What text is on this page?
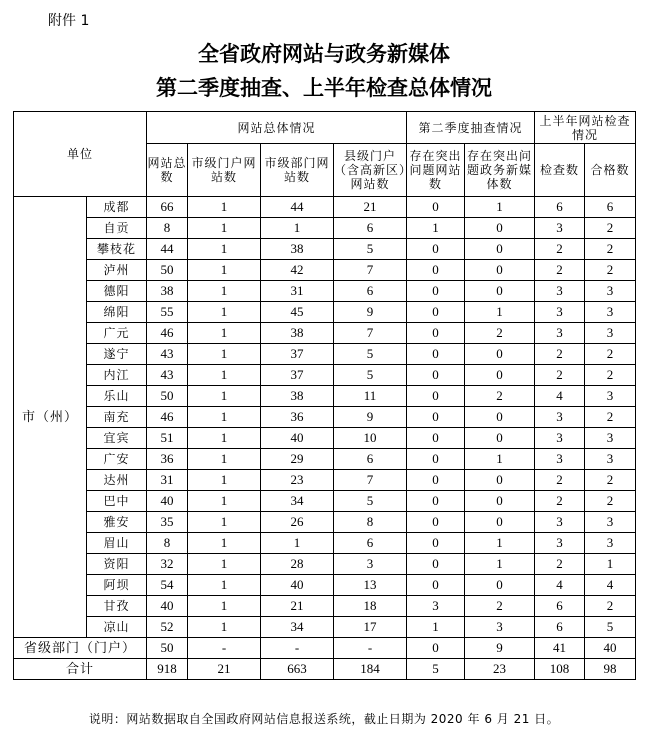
附件 1
全省政府网站与政务新媒体
第二季度抽查、上半年检查总体情况
单位		网站总体情况				第二季度抽查情况		上半年网站检查情况	
		网站总数	市级门户网站数	市级部门网站数	县级门户（含高新区）网站数	存在突出问题网站数	存在突出问题政务新媒体数	检查数	合格数
市（州）	成都	66	1	44	21	0	1	6	6
	自贡	8	1	1	6	1	0	3	2
	攀枝花	44	1	38	5	0	0	2	2
	泸州	50	1	42	7	0	0	2	2
	德阳	38	1	31	6	0	0	3	3
	绵阳	55	1	45	9	0	1	3	3
	广元	46	1	38	7	0	2	3	3
	遂宁	43	1	37	5	0	0	2	2
	内江	43	1	37	5	0	0	2	2
	乐山	50	1	38	11	0	2	4	3
	南充	46	1	36	9	0	0	3	2
	宜宾	51	1	40	10	0	0	3	3
	广安	36	1	29	6	0	1	3	3
	达州	31	1	23	7	0	0	2	2
	巴中	40	1	34	5	0	0	2	2
	雅安	35	1	26	8	0	0	3	3
	眉山	8	1	1	6	0	1	3	3
	资阳	32	1	28	3	0	1	2	1
	阿坝	54	1	40	13	0	0	4	4
	甘孜	40	1	21	18	3	2	6	2
	凉山	52	1	34	17	1	3	6	5
省级部门（门户）		50	-	-	-	0	9	41	40
合计		918	21	663	184	5	23	108	98
说明：网站数据取自全国政府网站信息报送系统，截止日期为 2020 年 6 月 21 日。
